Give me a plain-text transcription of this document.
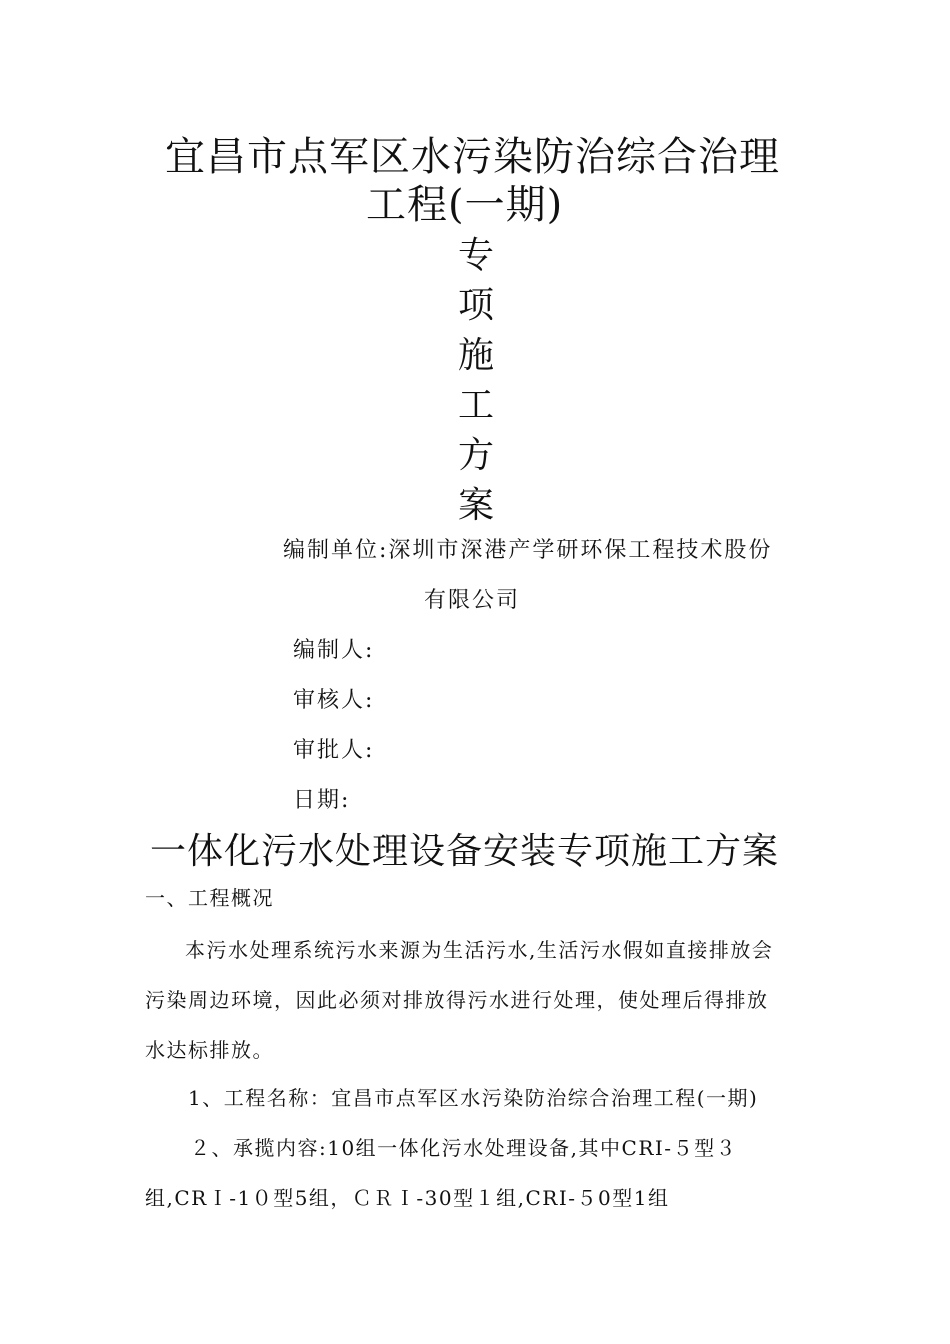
宜昌市点军区水污染防治综合治理
工程(一期)
专
项
施
工
方
案
编制单位:深圳市深港产学研环保工程技术股份
有限公司
编制人:
审核人:
审批人:
日期:
一体化污水处理设备安装专项施工方案
一、工程概况
本污水处理系统污水来源为生活污水,生活污水假如直接排放会
污染周边环境，因此必须对排放得污水进行处理，使处理后得排放
水达标排放。
1、工程名称：宜昌市点军区水污染防治综合治理工程(一期)
２、承揽内容:10组一体化污水处理设备,其中CRI-５型３
组,CRＩ-1０型5组，ＣＲＩ-30型１组,CRI-５0型1组
